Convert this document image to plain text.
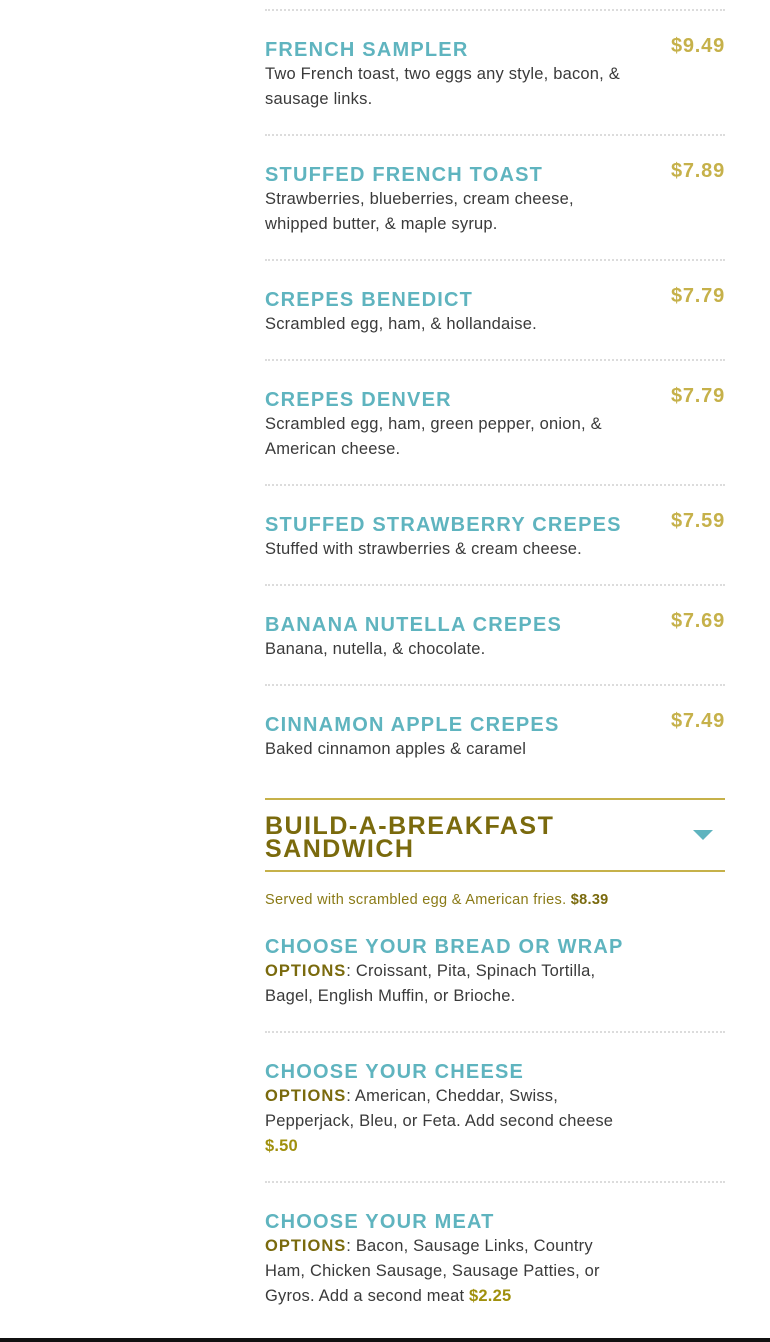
FRENCH SAMPLER	$9.49

Two French toast, two eggs any style, bacon, & sausage links.

STUFFED FRENCH TOAST	$7.89

Strawberries, blueberries, cream cheese, whipped butter, & maple syrup.

CREPES BENEDICT	$7.79

Scrambled egg, ham, & hollandaise.

CREPES DENVER	$7.79

Scrambled egg, ham, green pepper, onion, & American cheese.

STUFFED STRAWBERRY CREPES	$7.59

Stuffed with strawberries & cream cheese.

BANANA NUTELLA CREPES	$7.69

Banana, nutella, & chocolate.

CINNAMON APPLE CREPES	$7.49

Baked cinnamon apples & caramel

BUILD-A-BREAKFAST SANDWICH

Served with scrambled egg & American fries. $8.39

CHOOSE YOUR BREAD OR WRAP

OPTIONS: Croissant, Pita, Spinach Tortilla, Bagel, English Muffin, or Brioche.

CHOOSE YOUR CHEESE

OPTIONS: American, Cheddar, Swiss, Pepperjack, Bleu, or Feta. Add second cheese $.50

CHOOSE YOUR MEAT

OPTIONS: Bacon, Sausage Links, Country Ham, Chicken Sausage, Sausage Patties, or Gyros. Add a second meat $2.25
